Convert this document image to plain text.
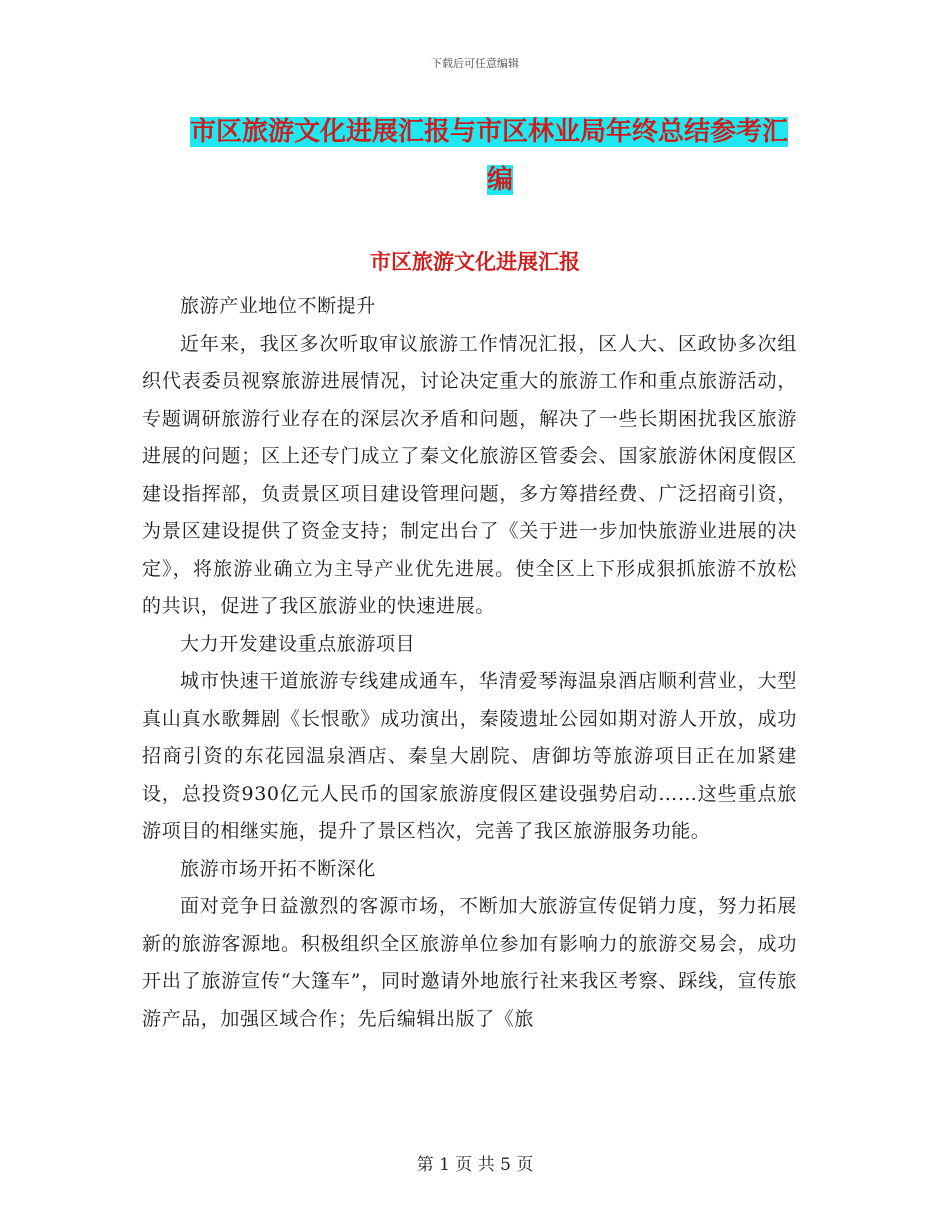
下载后可任意编辑
市区旅游文化进展汇报与市区林业局年终总结参考汇
编
市区旅游文化进展汇报

旅游产业地位不断提升

近年来，我区多次听取审议旅游工作情况汇报，区人大、区政协多次组织代表委员视察旅游进展情况，讨论决定重大的旅游工作和重点旅游活动，专题调研旅游行业存在的深层次矛盾和问题，解决了一些长期困扰我区旅游进展的问题；区上还专门成立了秦文化旅游区管委会、国家旅游休闲度假区建设指挥部，负责景区项目建设管理问题，多方筹措经费、广泛招商引资，为景区建设提供了资金支持；制定出台了《关于进一步加快旅游业进展的决定》，将旅游业确立为主导产业优先进展。使全区上下形成狠抓旅游不放松的共识，促进了我区旅游业的快速进展。

大力开发建设重点旅游项目

城市快速干道旅游专线建成通车，华清爱琴海温泉酒店顺利营业，大型真山真水歌舞剧《长恨歌》成功演出，秦陵遗址公园如期对游人开放，成功招商引资的东花园温泉酒店、秦皇大剧院、唐御坊等旅游项目正在加紧建设，总投资930亿元人民币的国家旅游度假区建设强势启动……这些重点旅游项目的相继实施，提升了景区档次，完善了我区旅游服务功能。

旅游市场开拓不断深化

面对竞争日益激烈的客源市场，不断加大旅游宣传促销力度，努力拓展新的旅游客源地。积极组织全区旅游单位参加有影响力的旅游交易会，成功开出了旅游宣传“大篷车”，同时邀请外地旅行社来我区考察、踩线，宣传旅游产品，加强区域合作；先后编辑出版了《旅

第 1 页 共 5 页
